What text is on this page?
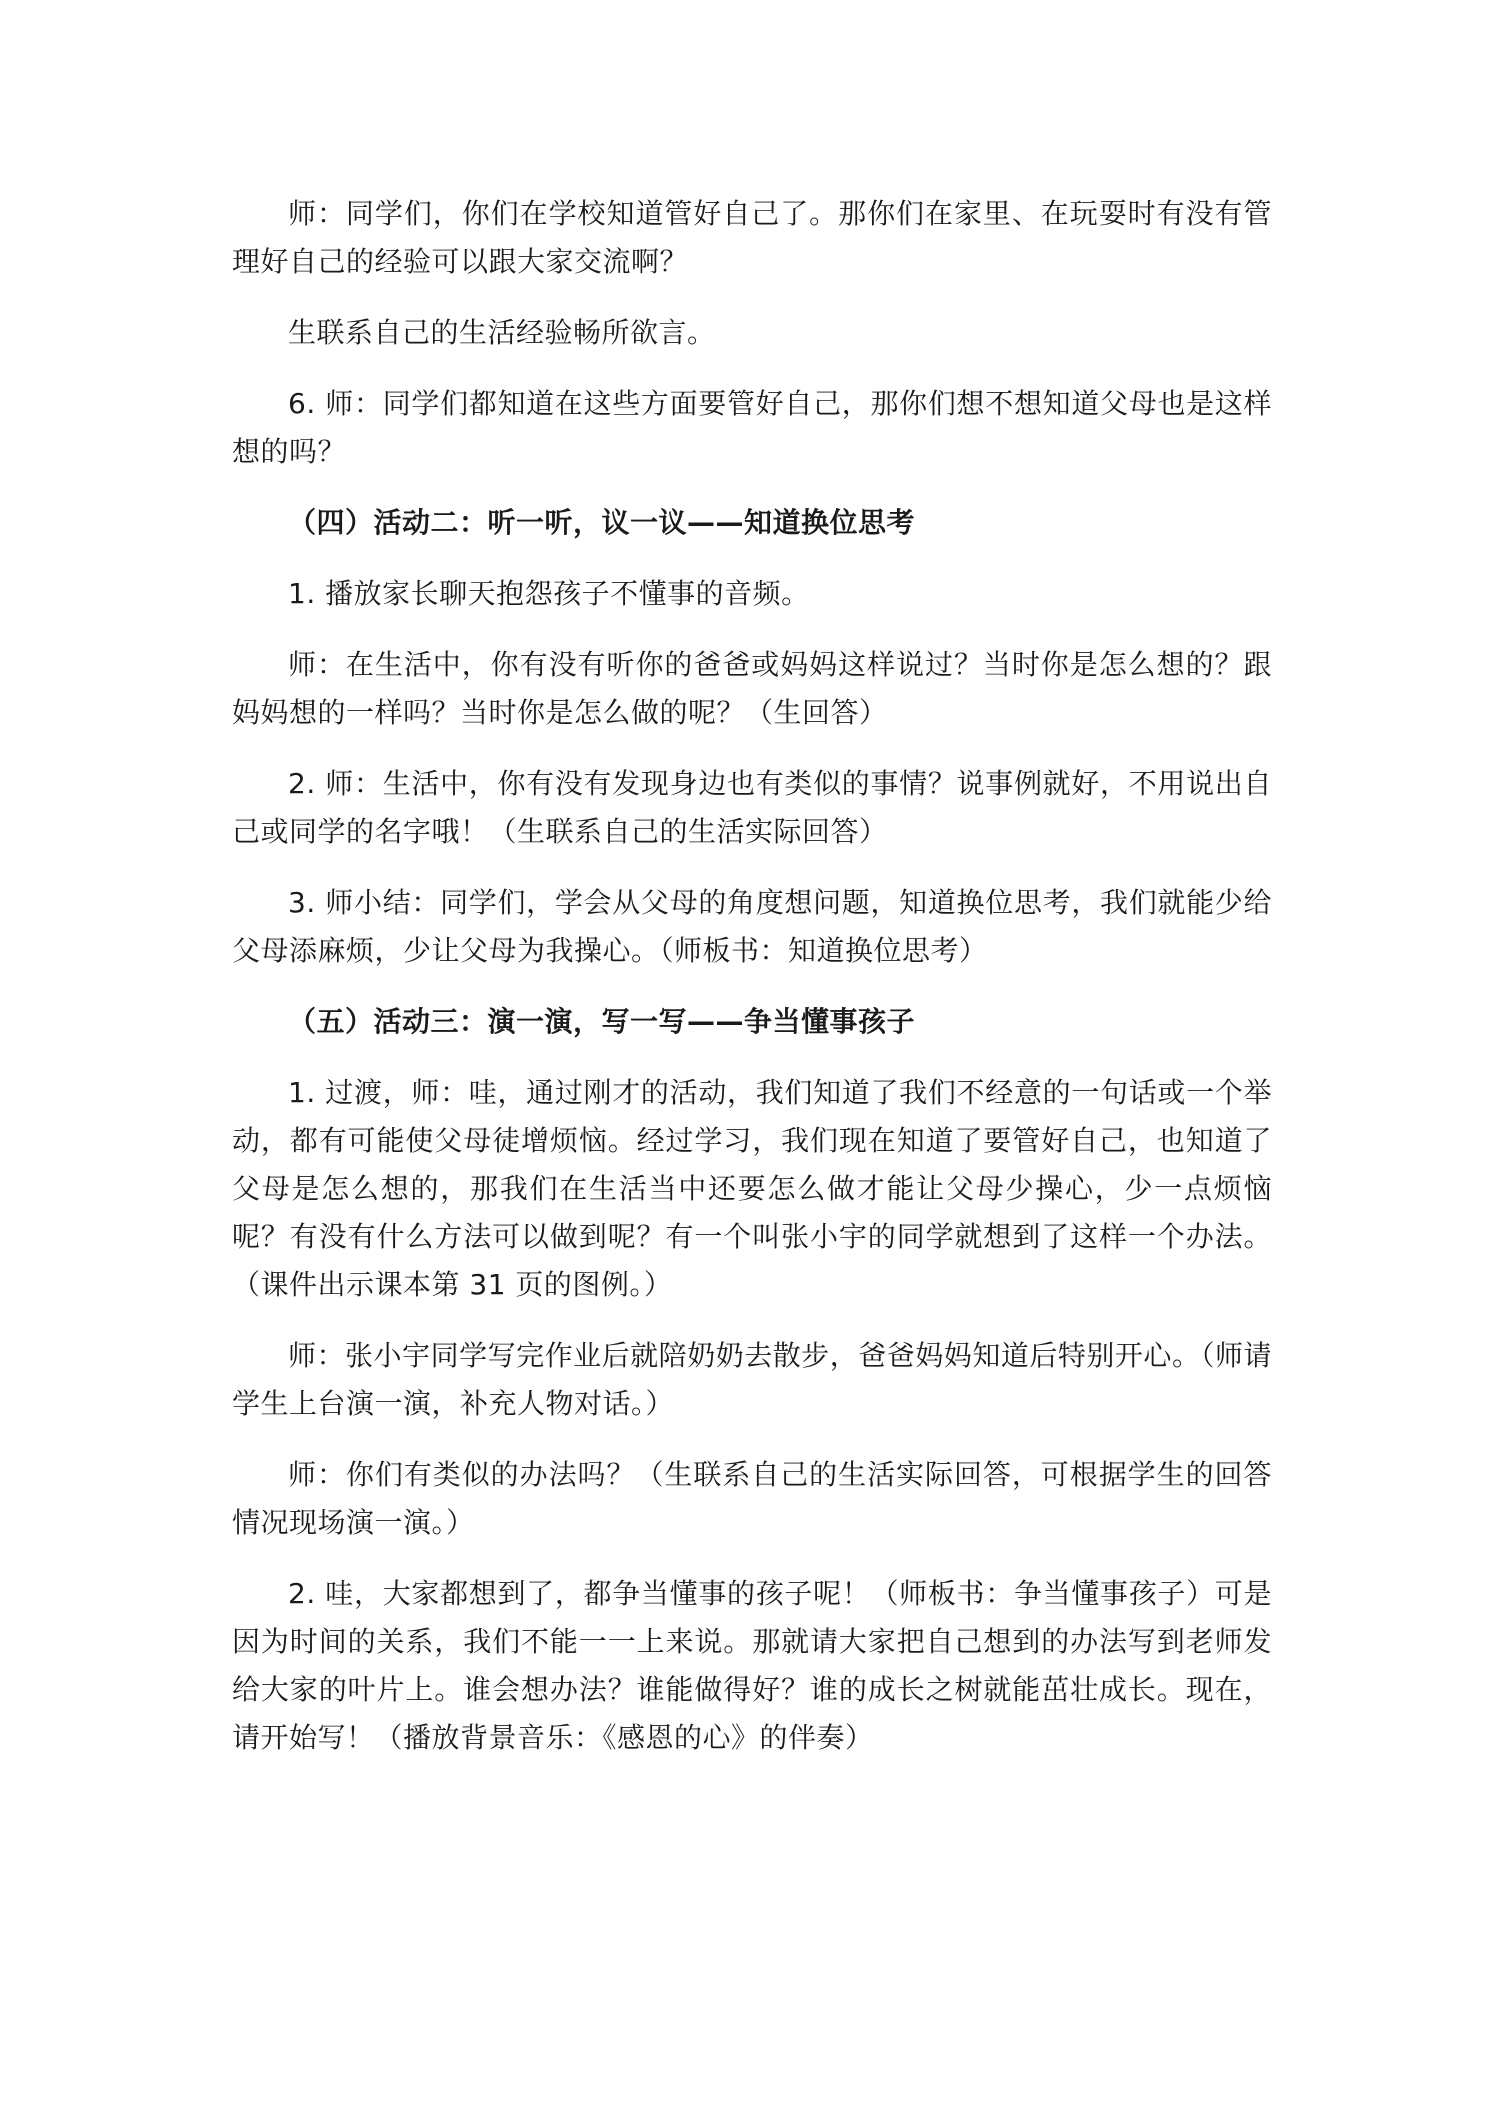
师：同学们，你们在学校知道管好自己了。那你们在家里、在玩耍时有没有管理好自己的经验可以跟大家交流啊？

生联系自己的生活经验畅所欲言。

6. 师：同学们都知道在这些方面要管好自己，那你们想不想知道父母也是这样想的吗？

（四）活动二：听一听，议一议——知道换位思考

1. 播放家长聊天抱怨孩子不懂事的音频。

师：在生活中，你有没有听你的爸爸或妈妈这样说过？当时你是怎么想的？跟妈妈想的一样吗？当时你是怎么做的呢？（生回答）

2. 师：生活中，你有没有发现身边也有类似的事情？说事例就好，不用说出自己或同学的名字哦！（生联系自己的生活实际回答）

3. 师小结：同学们，学会从父母的角度想问题，知道换位思考，我们就能少给父母添麻烦，少让父母为我操心。（师板书：知道换位思考）

（五）活动三：演一演，写一写——争当懂事孩子

1. 过渡，师：哇，通过刚才的活动，我们知道了我们不经意的一句话或一个举动，都有可能使父母徒增烦恼。经过学习，我们现在知道了要管好自己，也知道了父母是怎么想的，那我们在生活当中还要怎么做才能让父母少操心，少一点烦恼呢？有没有什么方法可以做到呢？有一个叫张小宇的同学就想到了这样一个办法。（课件出示课本第 31 页的图例。）

师：张小宇同学写完作业后就陪奶奶去散步，爸爸妈妈知道后特别开心。（师请学生上台演一演，补充人物对话。）

师：你们有类似的办法吗？（生联系自己的生活实际回答，可根据学生的回答情况现场演一演。）

2. 哇，大家都想到了，都争当懂事的孩子呢！（师板书：争当懂事孩子）可是因为时间的关系，我们不能一一上来说。那就请大家把自己想到的办法写到老师发给大家的叶片上。谁会想办法？谁能做得好？谁的成长之树就能茁壮成长。现在，请开始写！（播放背景音乐：《感恩的心》的伴奏）
